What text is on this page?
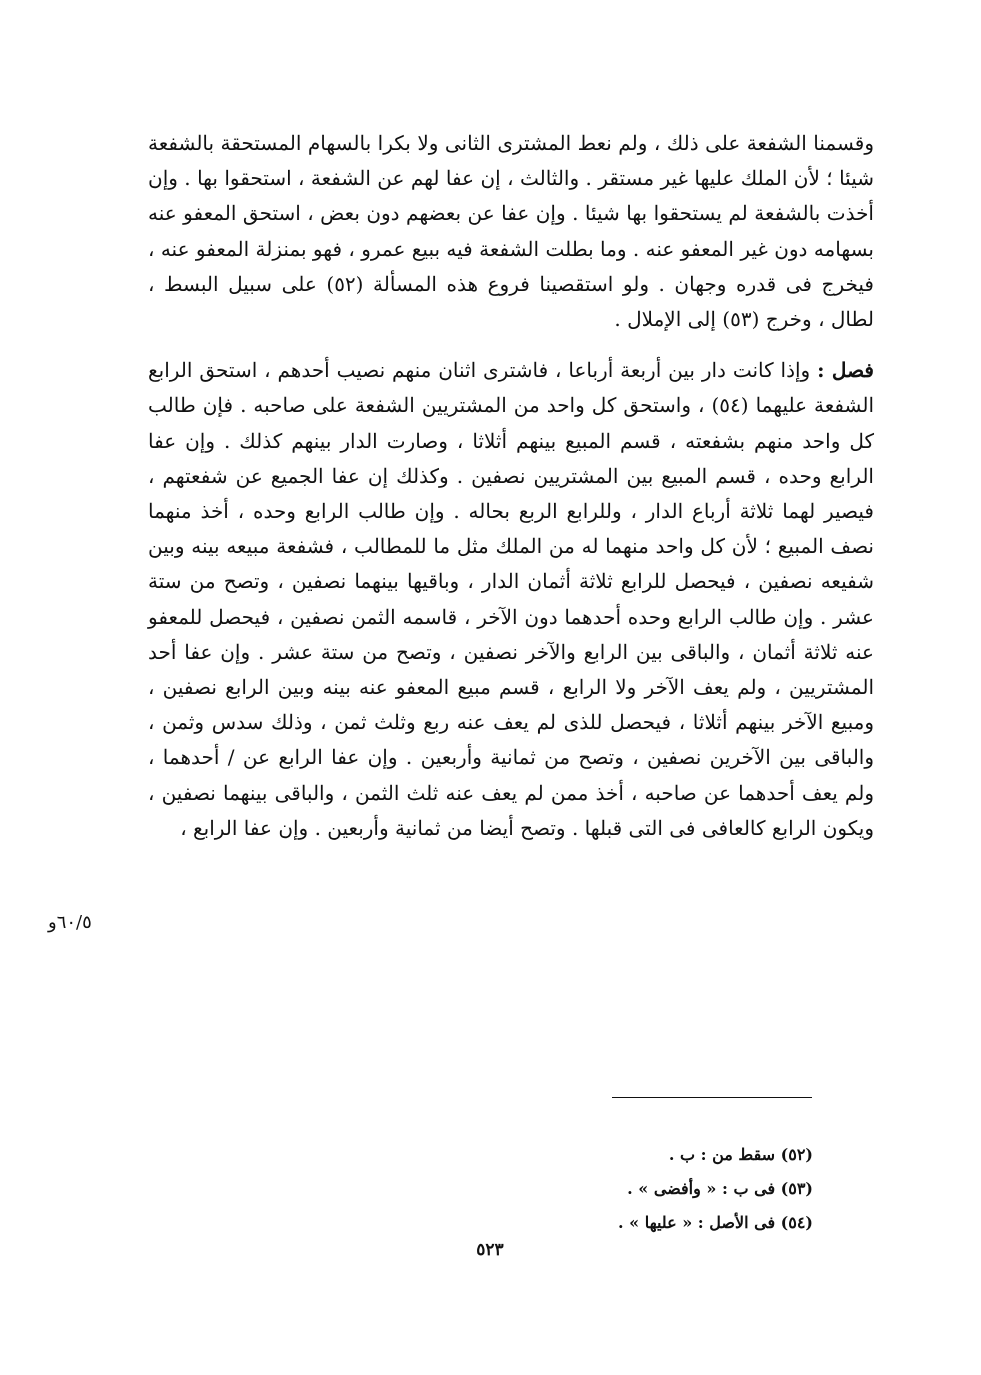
وقسمنا الشفعة على ذلك ، ولم نعط المشترى الثانى ولا بكرا بالسهام المستحقة بالشفعة شيئا ؛ لأن الملك عليها غير مستقر . والثالث ، إن عفا لهم عن الشفعة ، استحقوا بها . وإن أخذت بالشفعة لم يستحقوا بها شيئا . وإن عفا عن بعضهم دون بعض ، استحق المعفو عنه بسهامه دون غير المعفو عنه . وما بطلت الشفعة فيه ببيع عمرو ، فهو بمنزلة المعفو عنه ، فيخرج فى قدره وجهان . ولو استقصينا فروع هذه المسألة (٥٢) على سبيل البسط ، لطال ، وخرج (٥٣) إلى الإملال .

فصل : وإذا كانت دار بين أربعة أرباعا ، فاشترى اثنان منهم نصيب أحدهم ، استحق الرابع الشفعة عليهما (٥٤) ، واستحق كل واحد من المشتريين الشفعة على صاحبه . فإن طالب كل واحد منهم بشفعته ، قسم المبيع بينهم أثلاثا ، وصارت الدار بينهم كذلك . وإن عفا الرابع وحده ، قسم المبيع بين المشتريين نصفين . وكذلك إن عفا الجميع عن شفعتهم ، فيصير لهما ثلاثة أرباع الدار ، وللرابع الربع بحاله . وإن طالب الرابع وحده ، أخذ منهما نصف المبيع ؛ لأن كل واحد منهما له من الملك مثل ما للمطالب ، فشفعة مبيعه بينه وبين شفيعه نصفين ، فيحصل للرابع ثلاثة أثمان الدار ، وباقيها بينهما نصفين ، وتصح من ستة عشر . وإن طالب الرابع وحده أحدهما دون الآخر ، قاسمه الثمن نصفين ، فيحصل للمعفو عنه ثلاثة أثمان ، والباقى بين الرابع والآخر نصفين ، وتصح من ستة عشر . وإن عفا أحد المشتريين ، ولم يعف الآخر ولا الرابع ، قسم مبيع المعفو عنه بينه وبين الرابع نصفين ، ومبيع الآخر بينهم أثلاثا ، فيحصل للذى لم يعف عنه ربع وثلث ثمن ، وذلك سدس وثمن ، والباقى بين الآخرين نصفين ، وتصح من ثمانية وأربعين . وإن عفا الرابع عن / أحدهما ، ولم يعف أحدهما عن صاحبه ، أخذ ممن لم يعف عنه ثلث الثمن ، والباقى بينهما نصفين ، ويكون الرابع كالعافى فى التى قبلها . وتصح أيضا من ثمانية وأربعين . وإن عفا الرابع ،

٦٠/٥و

(٥٢) سقط من : ب .

(٥٣) فى ب : « وأفضى » .

(٥٤) فى الأصل : « عليها » .

٥٢٣
